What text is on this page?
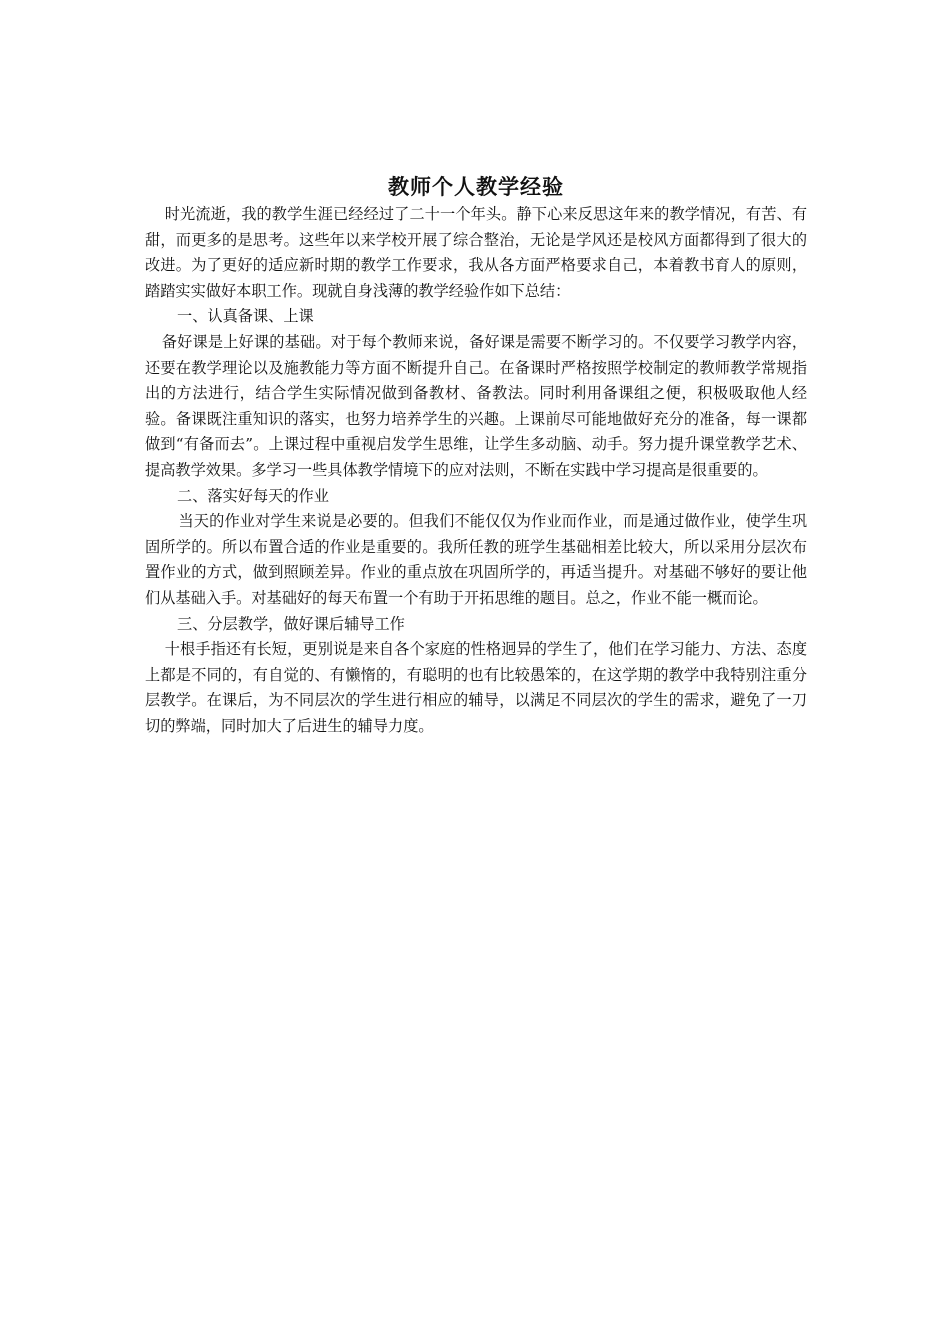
教师个人教学经验

时光流逝，我的教学生涯已经经过了二十一个年头。静下心来反思这年来的教学情况，有苦、有甜，而更多的是思考。这些年以来学校开展了综合整治，无论是学风还是校风方面都得到了很大的改进。为了更好的适应新时期的教学工作要求，我从各方面严格要求自己，本着教书育人的原则，踏踏实实做好本职工作。现就自身浅薄的教学经验作如下总结：

一、认真备课、上课

备好课是上好课的基础。对于每个教师来说，备好课是需要不断学习的。不仅要学习教学内容，还要在教学理论以及施教能力等方面不断提升自己。在备课时严格按照学校制定的教师教学常规指出的方法进行，结合学生实际情况做到备教材、备教法。同时利用备课组之便，积极吸取他人经验。备课既注重知识的落实，也努力培养学生的兴趣。上课前尽可能地做好充分的准备，每一课都做到“有备而去”。上课过程中重视启发学生思维，让学生多动脑、动手。努力提升课堂教学艺术、提高教学效果。多学习一些具体教学情境下的应对法则，不断在实践中学习提高是很重要的。

二、落实好每天的作业

当天的作业对学生来说是必要的。但我们不能仅仅为作业而作业，而是通过做作业，使学生巩固所学的。所以布置合适的作业是重要的。我所任教的班学生基础相差比较大，所以采用分层次布置作业的方式，做到照顾差异。作业的重点放在巩固所学的，再适当提升。对基础不够好的要让他们从基础入手。对基础好的每天布置一个有助于开拓思维的题目。总之，作业不能一概而论。

三、分层教学，做好课后辅导工作

十根手指还有长短，更别说是来自各个家庭的性格迥异的学生了，他们在学习能力、方法、态度上都是不同的，有自觉的、有懒惰的，有聪明的也有比较愚笨的，在这学期的教学中我特别注重分层教学。在课后，为不同层次的学生进行相应的辅导，以满足不同层次的学生的需求，避免了一刀切的弊端，同时加大了后进生的辅导力度。
